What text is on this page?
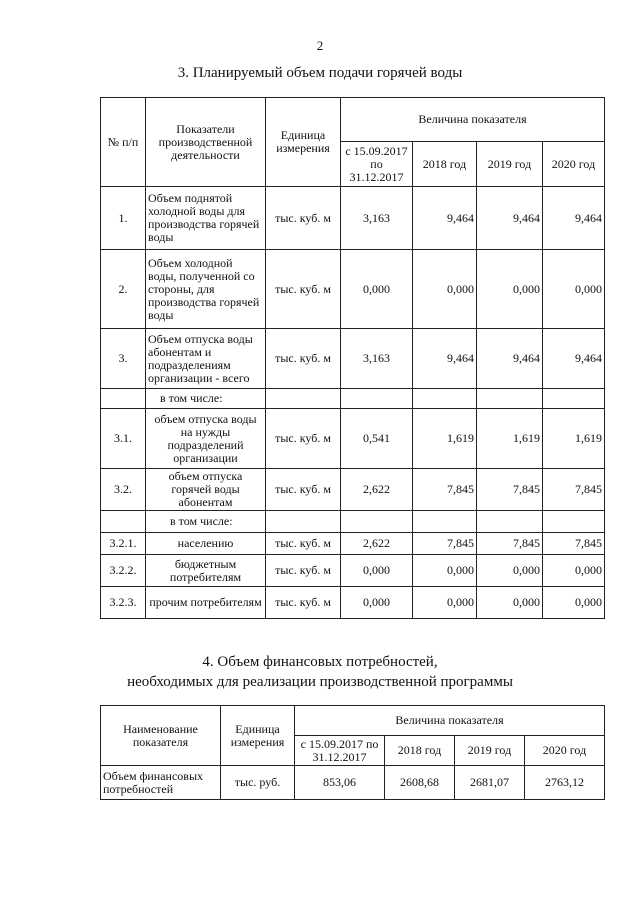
2
3. Планируемый объем подачи горячей воды
№ п/п	Показатели производственной деятельности	Единица измерения	Величина показателя			
			с 15.09.2017 по 31.12.2017	2018 год	2019 год	2020 год
1.	Объем поднятой холодной воды для производства горячей воды	тыс. куб. м	3,163	9,464	9,464	9,464
2.	Объем холодной воды, полученной со стороны, для производства горячей воды	тыс. куб. м	0,000	0,000	0,000	0,000
3.	Объем отпуска воды абонентам и подразделениям организации - всего	тыс. куб. м	3,163	9,464	9,464	9,464
	в том числе:					
3.1.	объем отпуска воды на нужды подразделений организации	тыс. куб. м	0,541	1,619	1,619	1,619
3.2.	объем отпуска горячей воды абонентам	тыс. куб. м	2,622	7,845	7,845	7,845
	в том числе:					
3.2.1.	населению	тыс. куб. м	2,622	7,845	7,845	7,845
3.2.2.	бюджетным потребителям	тыс. куб. м	0,000	0,000	0,000	0,000
3.2.3.	прочим потребителям	тыс. куб. м	0,000	0,000	0,000	0,000
4. Объем финансовых потребностей,
необходимых для реализации производственной программы
Наименование показателя	Единица измерения	Величина показателя			
		с 15.09.2017 по 31.12.2017	2018 год	2019 год	2020 год
Объем финансовых потребностей	тыс. руб.	853,06	2608,68	2681,07	2763,12
